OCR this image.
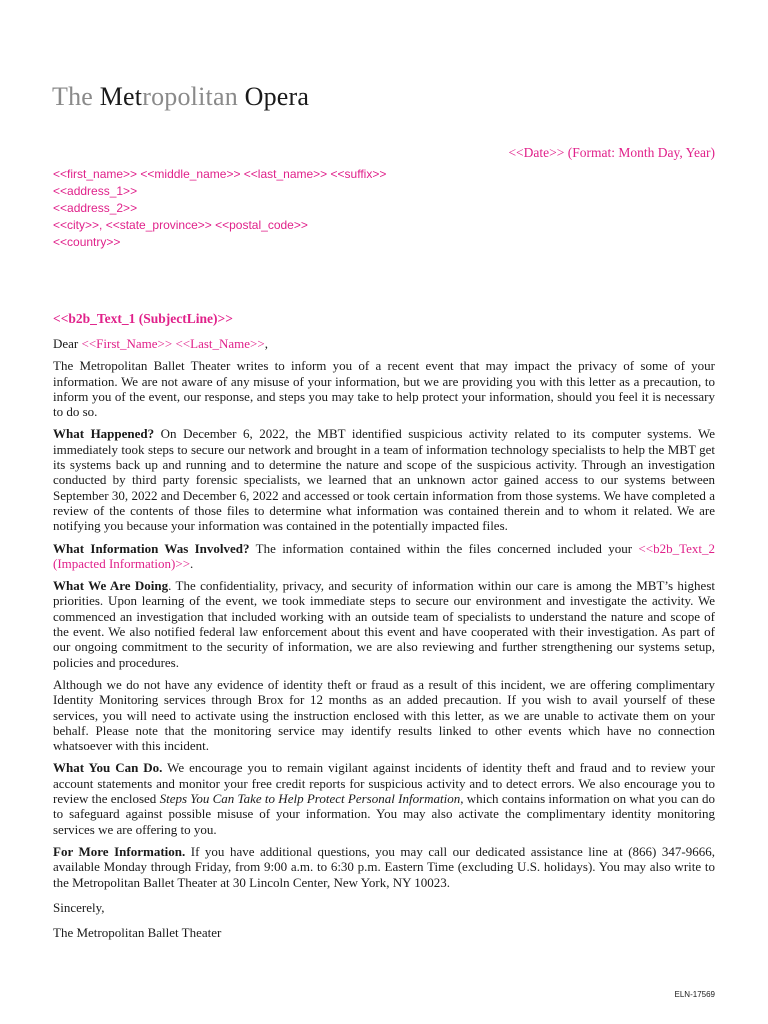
The Metropolitan Opera
<<Date>> (Format: Month Day, Year)
<<first_name>> <<middle_name>> <<last_name>> <<suffix>>
<<address_1>>
<<address_2>>
<<city>>, <<state_province>> <<postal_code>>
<<country>>
<<b2b_Text_1 (SubjectLine)>>

Dear <<First_Name>> <<Last_Name>>,

The Metropolitan Ballet Theater writes to inform you of a recent event that may impact the privacy of some of your information. We are not aware of any misuse of your information, but we are providing you with this letter as a precaution, to inform you of the event, our response, and steps you may take to help protect your information, should you feel it is necessary to do so.

What Happened? On December 6, 2022, the MBT identified suspicious activity related to its computer systems. We immediately took steps to secure our network and brought in a team of information technology specialists to help the MBT get its systems back up and running and to determine the nature and scope of the suspicious activity. Through an investigation conducted by third party forensic specialists, we learned that an unknown actor gained access to our systems between September 30, 2022 and December 6, 2022 and accessed or took certain information from those systems. We have completed a review of the contents of those files to determine what information was contained therein and to whom it related. We are notifying you because your information was contained in the potentially impacted files.

What Information Was Involved? The information contained within the files concerned included your <<b2b_Text_2 (Impacted Information)>>.

What We Are Doing. The confidentiality, privacy, and security of information within our care is among the MBT’s highest priorities. Upon learning of the event, we took immediate steps to secure our environment and investigate the activity. We commenced an investigation that included working with an outside team of specialists to understand the nature and scope of the event. We also notified federal law enforcement about this event and have cooperated with their investigation. As part of our ongoing commitment to the security of information, we are also reviewing and further strengthening our systems setup, policies and procedures.

Although we do not have any evidence of identity theft or fraud as a result of this incident, we are offering complimentary Identity Monitoring services through Brox for 12 months as an added precaution. If you wish to avail yourself of these services, you will need to activate using the instruction enclosed with this letter, as we are unable to activate them on your behalf. Please note that the monitoring service may identify results linked to other events which have no connection whatsoever with this incident.

What You Can Do. We encourage you to remain vigilant against incidents of identity theft and fraud and to review your account statements and monitor your free credit reports for suspicious activity and to detect errors. We also encourage you to review the enclosed Steps You Can Take to Help Protect Personal Information, which contains information on what you can do to safeguard against possible misuse of your information. You may also activate the complimentary identity monitoring services we are offering to you.

For More Information. If you have additional questions, you may call our dedicated assistance line at (866) 347-9666, available Monday through Friday, from 9:00 a.m. to 6:30 p.m. Eastern Time (excluding U.S. holidays). You may also write to the Metropolitan Ballet Theater at 30 Lincoln Center, New York, NY 10023.

Sincerely,

The Metropolitan Ballet Theater

ELN-17569
